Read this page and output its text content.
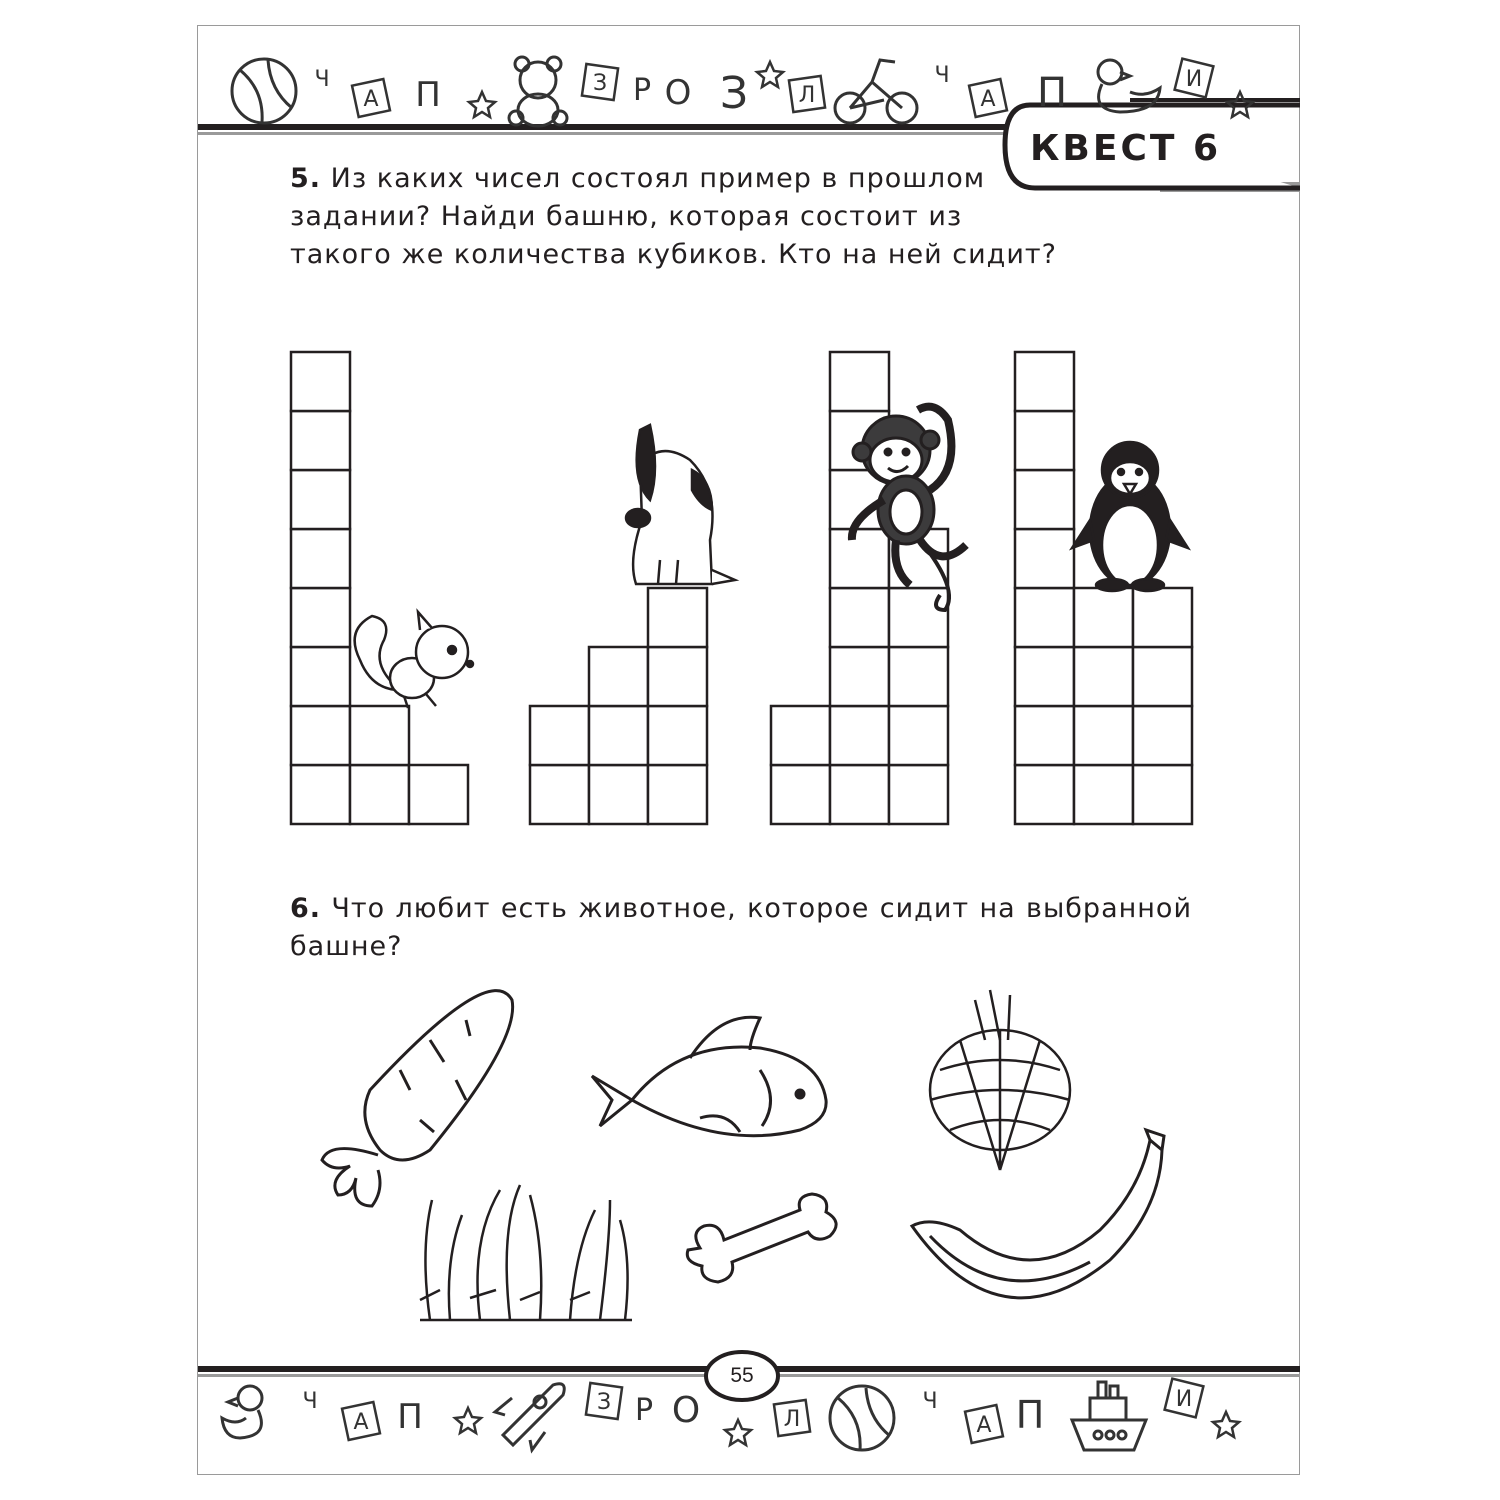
Ч
А П	З Р О З Л
Ч
А П	И
Ч
А П	З Р О	Л
Ч
А П	И
КВЕСТ 6
55
5. Из каких чисел состоял пример в прошлом
задании? Найди башню, которая состоит из
такого же количества кубиков. Кто на ней сидит?
6. Что любит есть животное, которое сидит на выбранной
башне?
